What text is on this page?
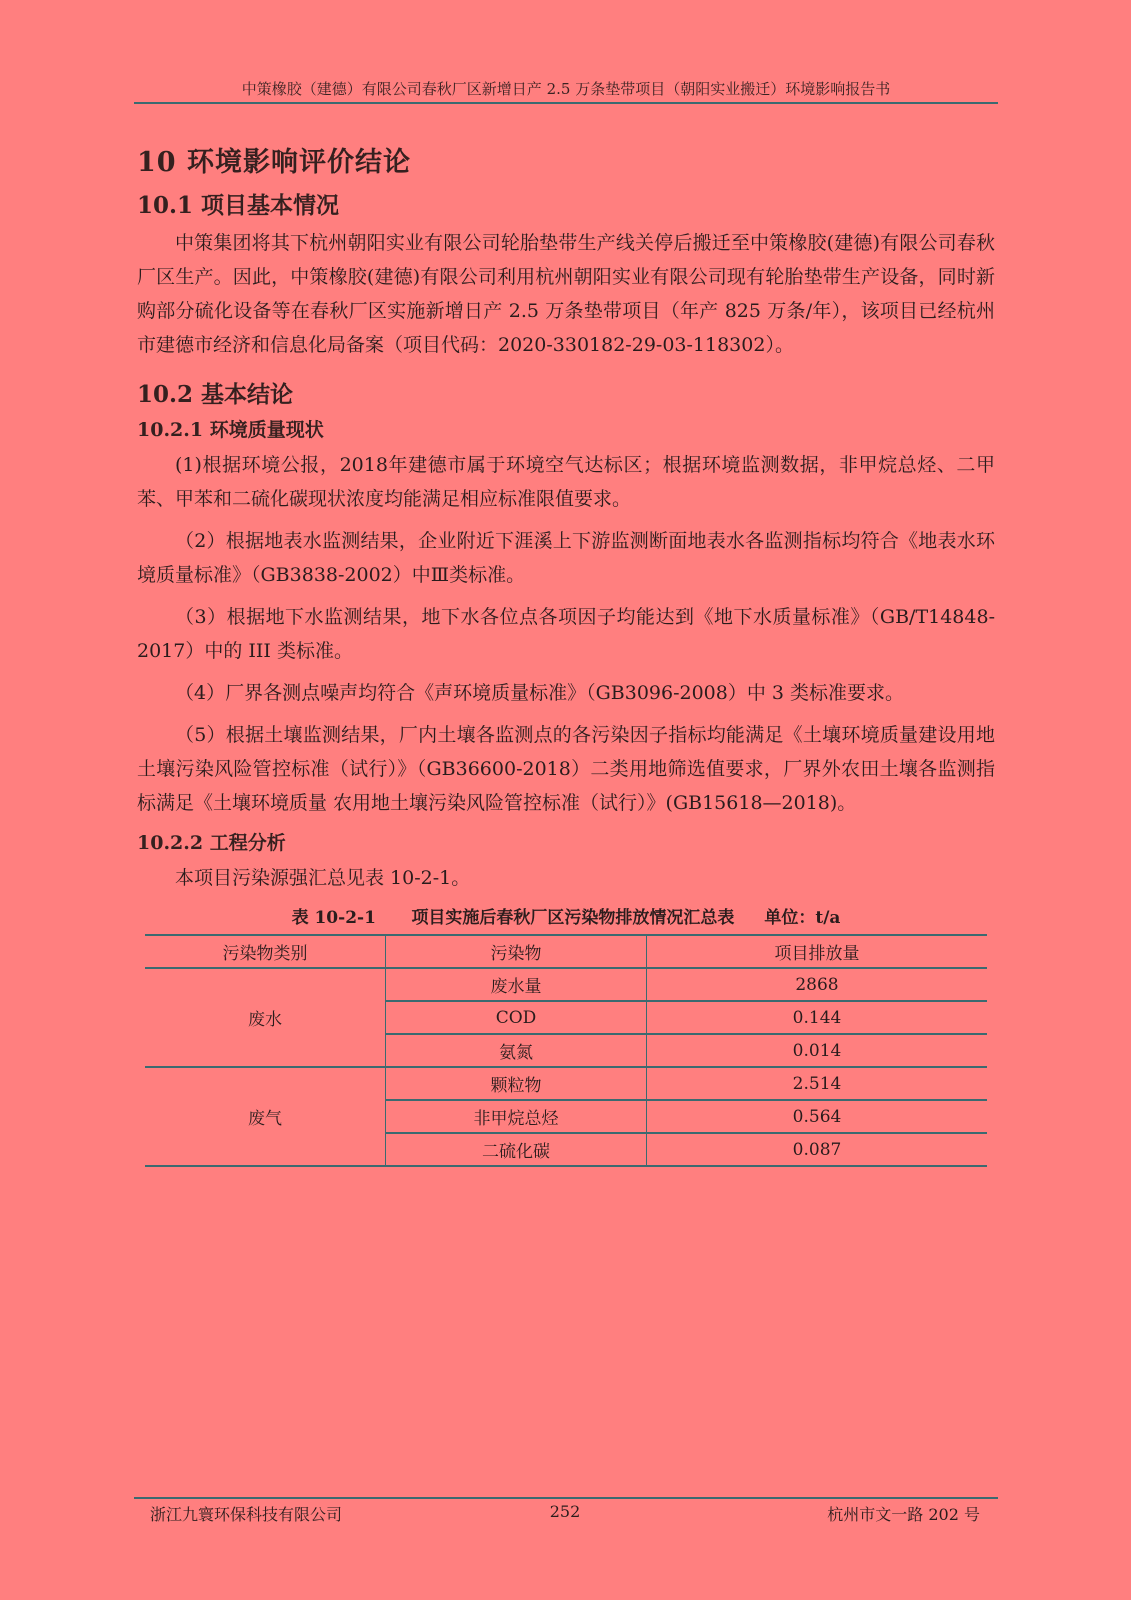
中策橡胶（建德）有限公司春秋厂区新增日产 2.5 万条垫带项目（朝阳实业搬迁）环境影响报告书
10 环境影响评价结论
10.1 项目基本情况

中策集团将其下杭州朝阳实业有限公司轮胎垫带生产线关停后搬迁至中策橡胶(建德)有限公司春秋厂区生产。因此，中策橡胶(建德)有限公司利用杭州朝阳实业有限公司现有轮胎垫带生产设备，同时新购部分硫化设备等在春秋厂区实施新增日产 2.5 万条垫带项目（年产 825 万条/年），该项目已经杭州市建德市经济和信息化局备案（项目代码：2020-330182-29-03-118302）。

10.2 基本结论
10.2.1 环境质量现状

(1)根据环境公报，2018年建德市属于环境空气达标区；根据环境监测数据，非甲烷总烃、二甲苯、甲苯和二硫化碳现状浓度均能满足相应标准限值要求。

（2）根据地表水监测结果，企业附近下涯溪上下游监测断面地表水各监测指标均符合《地表水环境质量标准》（GB3838-2002）中Ⅲ类标准。

（3）根据地下水监测结果，地下水各位点各项因子均能达到《地下水质量标准》（GB/T14848-2017）中的 III 类标准。

（4）厂界各测点噪声均符合《声环境质量标准》（GB3096-2008）中 3 类标准要求。

（5）根据土壤监测结果，厂内土壤各监测点的各污染因子指标均能满足《土壤环境质量建设用地土壤污染风险管控标准（试行）》（GB36600-2018）二类用地筛选值要求，厂界外农田土壤各监测指标满足《土壤环境质量 农用地土壤污染风险管控标准（试行）》(GB15618—2018)。

10.2.2 工程分析

本项目污染源强汇总见表 10-2-1。

表 10-2-1 项目实施后春秋厂区污染物排放情况汇总表 单位：t/a
污染物类别	污染物	项目排放量
废水	废水量	2868
	COD	0.144
	氨氮	0.014
废气	颗粒物	2.514
	非甲烷总烃	0.564
	二硫化碳	0.087
浙江九寰环保科技有限公司	252	杭州市文一路 202 号
